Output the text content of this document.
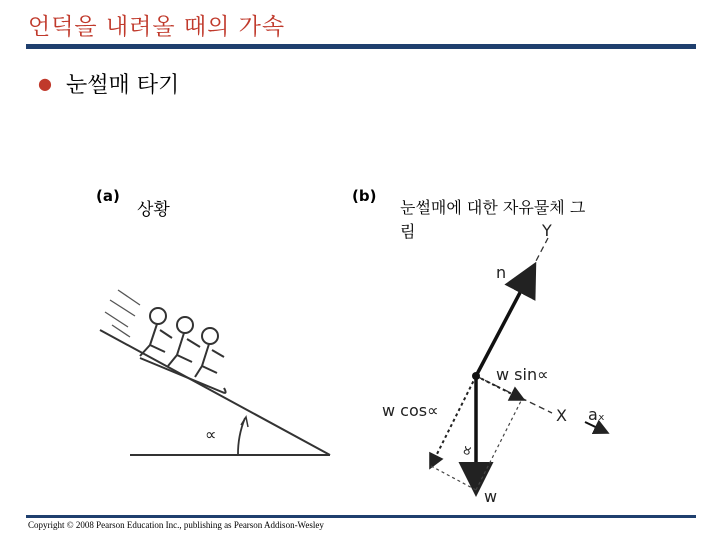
언덕을 내려올 때의 가속
● 눈썰매 타기
(a)
상황
(b)
눈썰매에 대한 자유물체 그림
∝
Y
X
n
w
w sin∝
w cos∝
∝
aₓ
Copyright © 2008 Pearson Education Inc., publishing as Pearson Addison-Wesley
